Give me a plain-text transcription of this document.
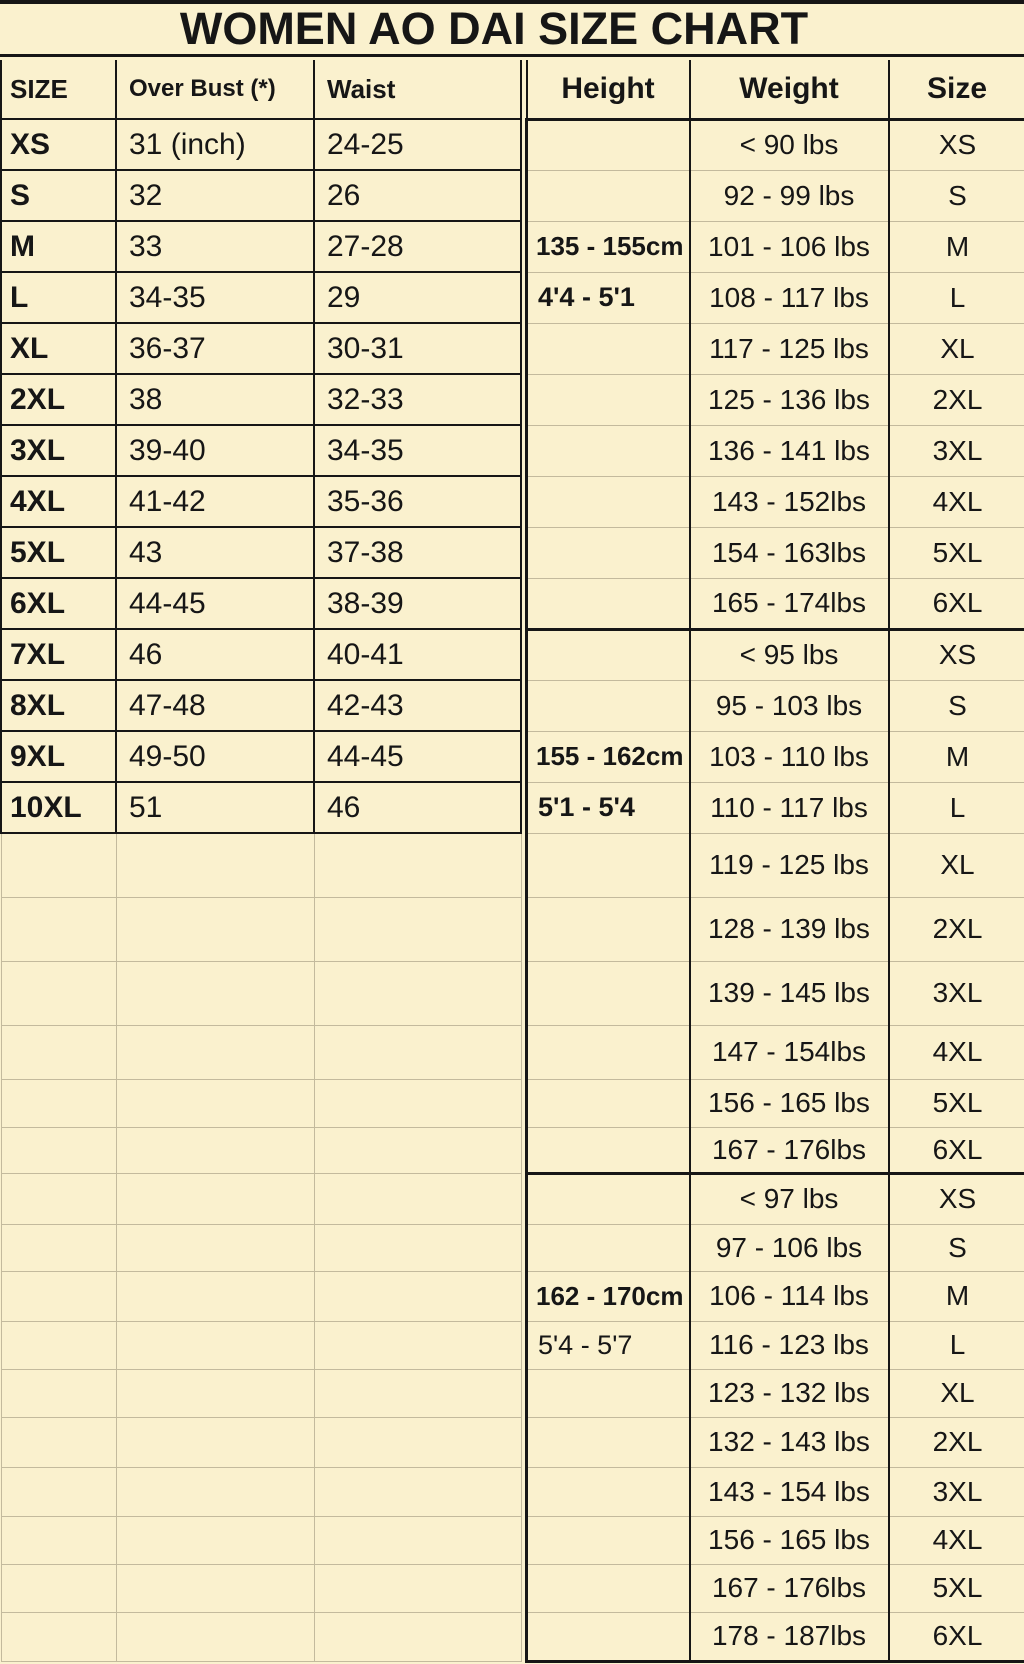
WOMEN AO DAI SIZE CHART
SIZE	Over Bust (*)	Waist
XS	31 (inch)	24-25
S	32	26
M	33	27-28
L	34-35	29
XL	36-37	30-31
2XL	38	32-33
3XL	39-40	34-35
4XL	41-42	35-36
5XL	43	37-38
6XL	44-45	38-39
7XL	46	40-41
8XL	47-48	42-43
9XL	49-50	44-45
10XL	51	46

Height	Weight	Size
	< 90 lbs	XS
	92 - 99 lbs	S
135 - 155cm	101 - 106 lbs	M
4'4 - 5'1	108 - 117 lbs	L
	117 - 125 lbs	XL
	125 - 136 lbs	2XL
	136 - 141 lbs	3XL
	143 - 152lbs	4XL
	154 - 163lbs	5XL
	165 - 174lbs	6XL
	< 95 lbs	XS
	95 - 103 lbs	S
155 - 162cm	103 - 110 lbs	M
5'1 - 5'4	110 - 117 lbs	L
	119 - 125 lbs	XL
	128 - 139 lbs	2XL
	139 - 145 lbs	3XL
	147 - 154lbs	4XL
	156 - 165 lbs	5XL
	167 - 176lbs	6XL
	< 97 lbs	XS
	97 - 106 lbs	S
162 - 170cm	106 - 114 lbs	M
5'4 - 5'7	116 - 123 lbs	L
	123 - 132 lbs	XL
	132 - 143 lbs	2XL
	143 - 154 lbs	3XL
	156 - 165 lbs	4XL
	167 - 176lbs	5XL
	178 - 187lbs	6XL
